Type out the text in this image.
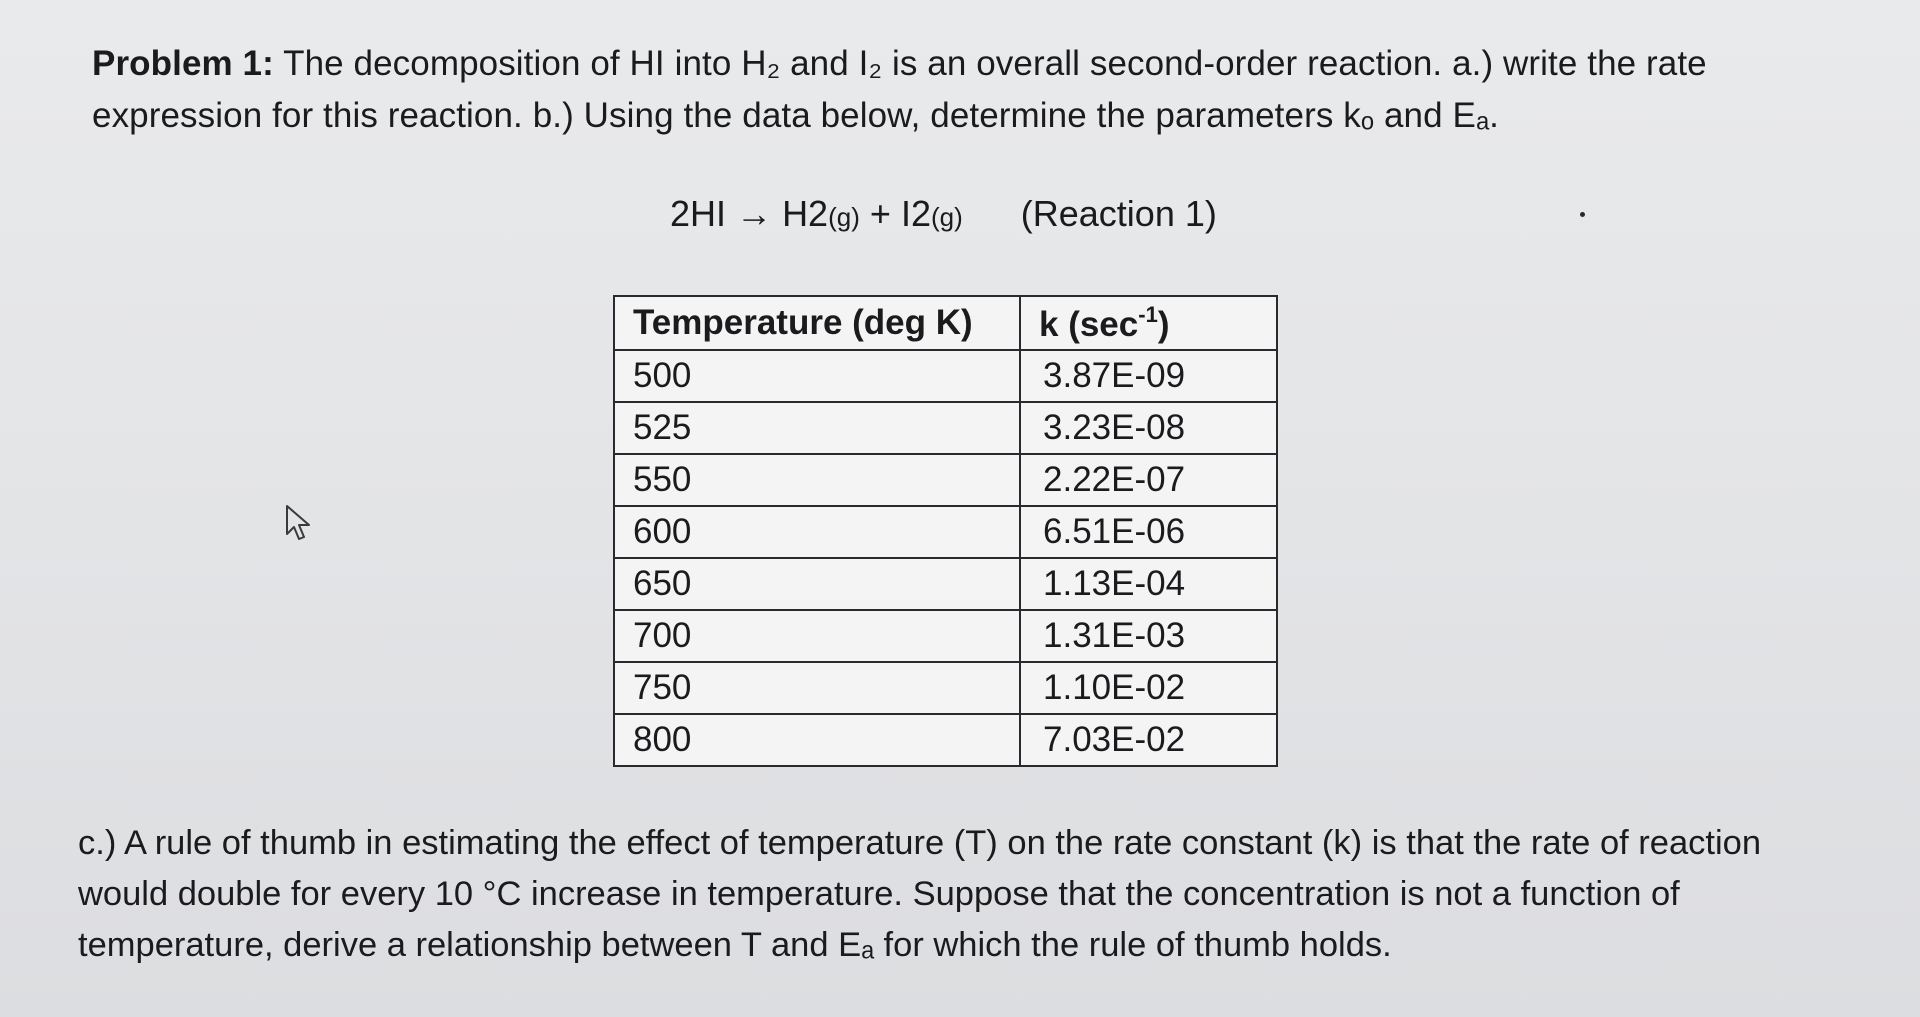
Problem 1: The decomposition of HI into H₂ and I₂ is an overall second-order reaction. a.) write the rate expression for this reaction. b.) Using the data below, determine the parameters kₒ and Eₐ.
2HI → H2(g) + I2(g) (Reaction 1)
Temperature (deg K)	k $(\sec^{-1})$
500	3.87E-09
525	3.23E-08
550	2.22E-07
600	6.51E-06
650	1.13E-04
700	1.31E-03
750	1.10E-02
800	7.03E-02
c.) A rule of thumb in estimating the effect of temperature (T) on the rate constant (k) is that the rate of reaction would double for every 10 °C increase in temperature. Suppose that the concentration is not a function of temperature, derive a relationship between T and Eₐ for which the rule of thumb holds.
